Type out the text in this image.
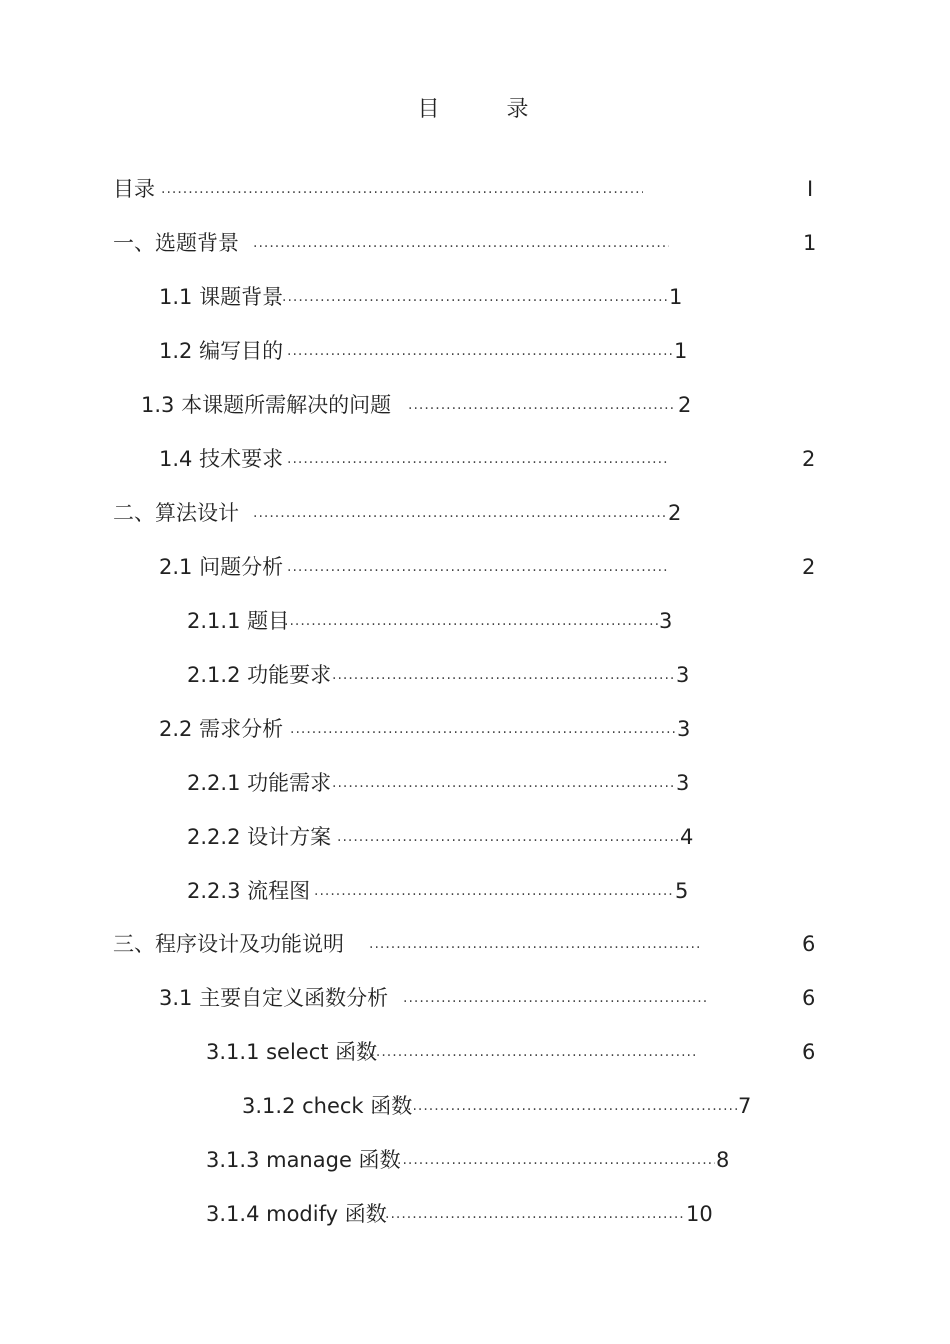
目 录
目录 .....	I
一、选题背景 .....	1
1.1 课题背景 .....	1
1.2 编写目的 .....	1
1.3 本课题所需解决的问题 .....	2
1.4 技术要求 .....	2
二、算法设计 .....	2
2.1 问题分析 .....	2
2.1.1 题目 .....	3
2.1.2 功能要求 .....	3
2.2 需求分析 .....	3
2.2.1 功能需求 .....	3
2.2.2 设计方案 .....	4
2.2.3 流程图 .....	5
三、程序设计及功能说明 .....	6
3.1 主要自定义函数分析 .....	6
3.1.1 select 函数 .....	6
3.1.2 check 函数 .....	7
3.1.3 manage 函数 .....	8
3.1.4 modify 函数 .....	10
